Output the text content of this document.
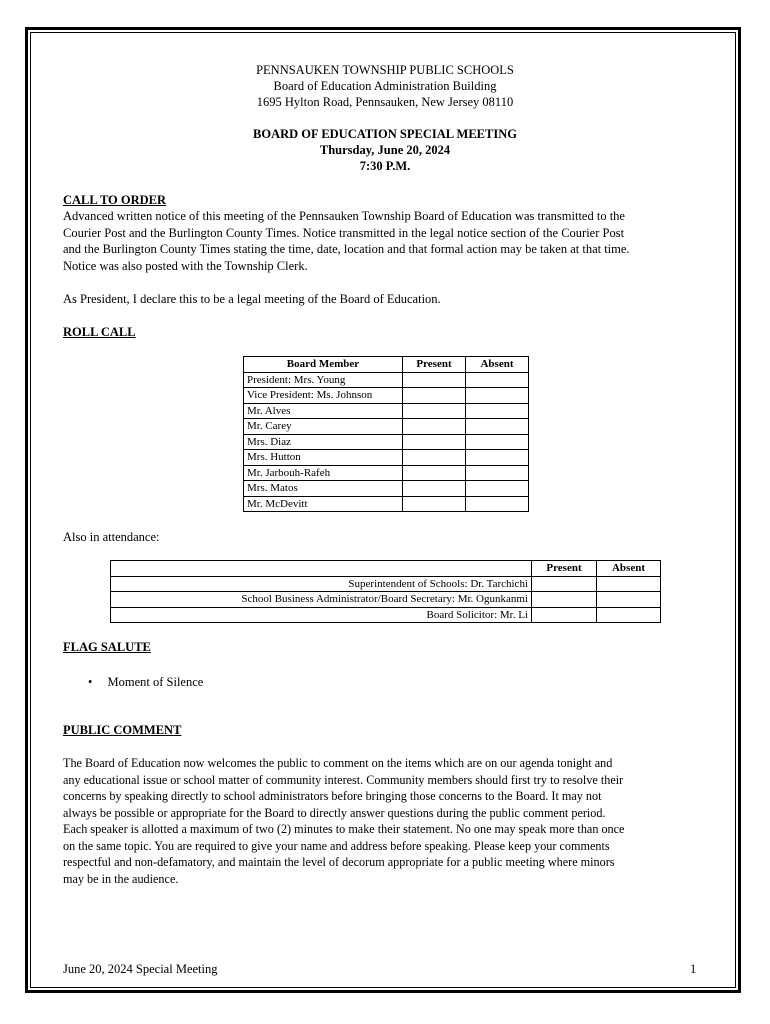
PENNSAUKEN TOWNSHIP PUBLIC SCHOOLS
Board of Education Administration Building
1695 Hylton Road, Pennsauken, New Jersey 08110
BOARD OF EDUCATION SPECIAL MEETING
Thursday, June 20, 2024
7:30 P.M.
CALL TO ORDER
Advanced written notice of this meeting of the Pennsauken Township Board of Education was transmitted to the
Courier Post and the Burlington County Times. Notice transmitted in the legal notice section of the Courier Post
and the Burlington County Times stating the time, date, location and that formal action may be taken at that time.
Notice was also posted with the Township Clerk.
As President, I declare this to be a legal meeting of the Board of Education.
ROLL CALL
Board Member	Present	Absent
President: Mrs. Young		
Vice President: Ms. Johnson		
Mr. Alves		
Mr. Carey		
Mrs. Diaz		
Mrs. Hutton		
Mr. Jarbouh-Rafeh		
Mrs. Matos		
Mr. McDevitt		
Also in attendance:
	Present	Absent
Superintendent of Schools: Dr. Tarchichi		
School Business Administrator/Board Secretary: Mr. Ogunkanmi		
Board Solicitor: Mr. Li		
FLAG SALUTE
• Moment of Silence
PUBLIC COMMENT
The Board of Education now welcomes the public to comment on the items which are on our agenda tonight and
any educational issue or school matter of community interest. Community members should first try to resolve their
concerns by speaking directly to school administrators before bringing those concerns to the Board. It may not
always be possible or appropriate for the Board to directly answer questions during the public comment period.
Each speaker is allotted a maximum of two (2) minutes to make their statement. No one may speak more than once
on the same topic. You are required to give your name and address before speaking. Please keep your comments
respectful and non-defamatory, and maintain the level of decorum appropriate for a public meeting where minors
may be in the audience.
June 20, 2024 Special Meeting	1
